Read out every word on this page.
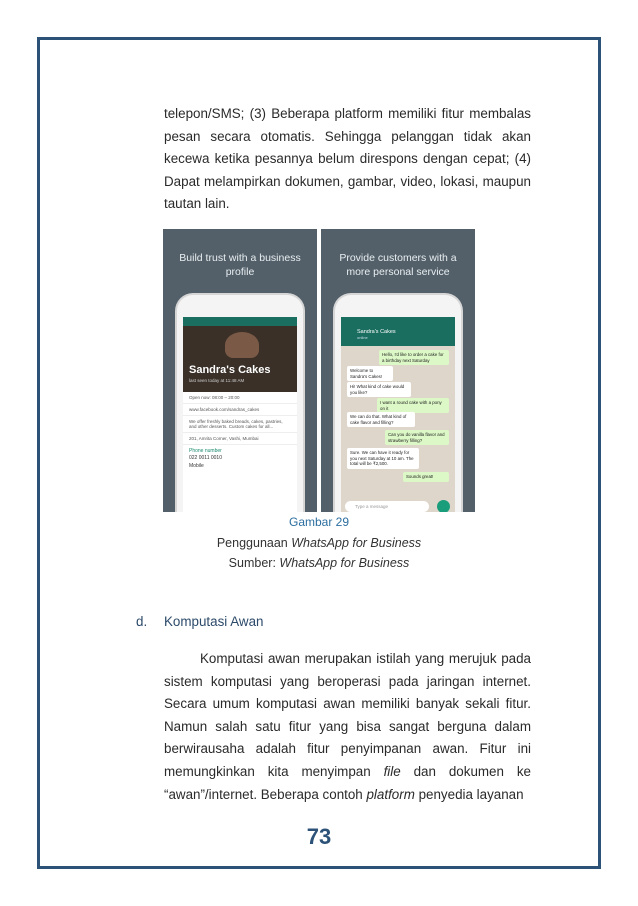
telepon/SMS; (3) Beberapa platform memiliki fitur membalas pesan secara otomatis. Sehingga pelanggan tidak akan kecewa ketika pesannya belum direspons dengan cepat; (4) Dapat melampirkan dokumen, gambar, video, lokasi, maupun tautan lain.
Build trust with a business profile
Sandra's Cakes
last seen today at 11:48 AM
Open now: 08:00 – 20:00
www.facebook.com/sandras_cakes
We offer freshly baked breads, cakes, pastries, and other desserts. Custom cakes for all...
201, Amrita Corner, Vashi, Mumbai
Phone number
022 0011 0010
Mobile
Provide customers with a more personal service
Sandra's Cakes
online
Hello, I'd like to order a cake for a birthday next Saturday
Welcome to Sandra's Cakes!
Hi! What kind of cake would you like?
I want a round cake with a pony on it
We can do that. What kind of cake flavor and filling?
Can you do vanilla flavor and strawberry filling?
Sure. We can have it ready for you next Saturday at 10 am. The total will be ₹2,500.
Sounds great!
Type a message
Gambar 29
Penggunaan WhatsApp for Business
Sumber: WhatsApp for Business
d. Komputasi Awan
Komputasi awan merupakan istilah yang merujuk pada sistem komputasi yang beroperasi pada jaringan internet. Secara umum komputasi awan memiliki banyak sekali fitur. Namun salah satu fitur yang bisa sangat berguna dalam berwirausaha adalah fitur penyimpanan awan. Fitur ini memungkinkan kita menyimpan file dan dokumen ke “awan”/internet. Beberapa contoh platform penyedia layanan
73
